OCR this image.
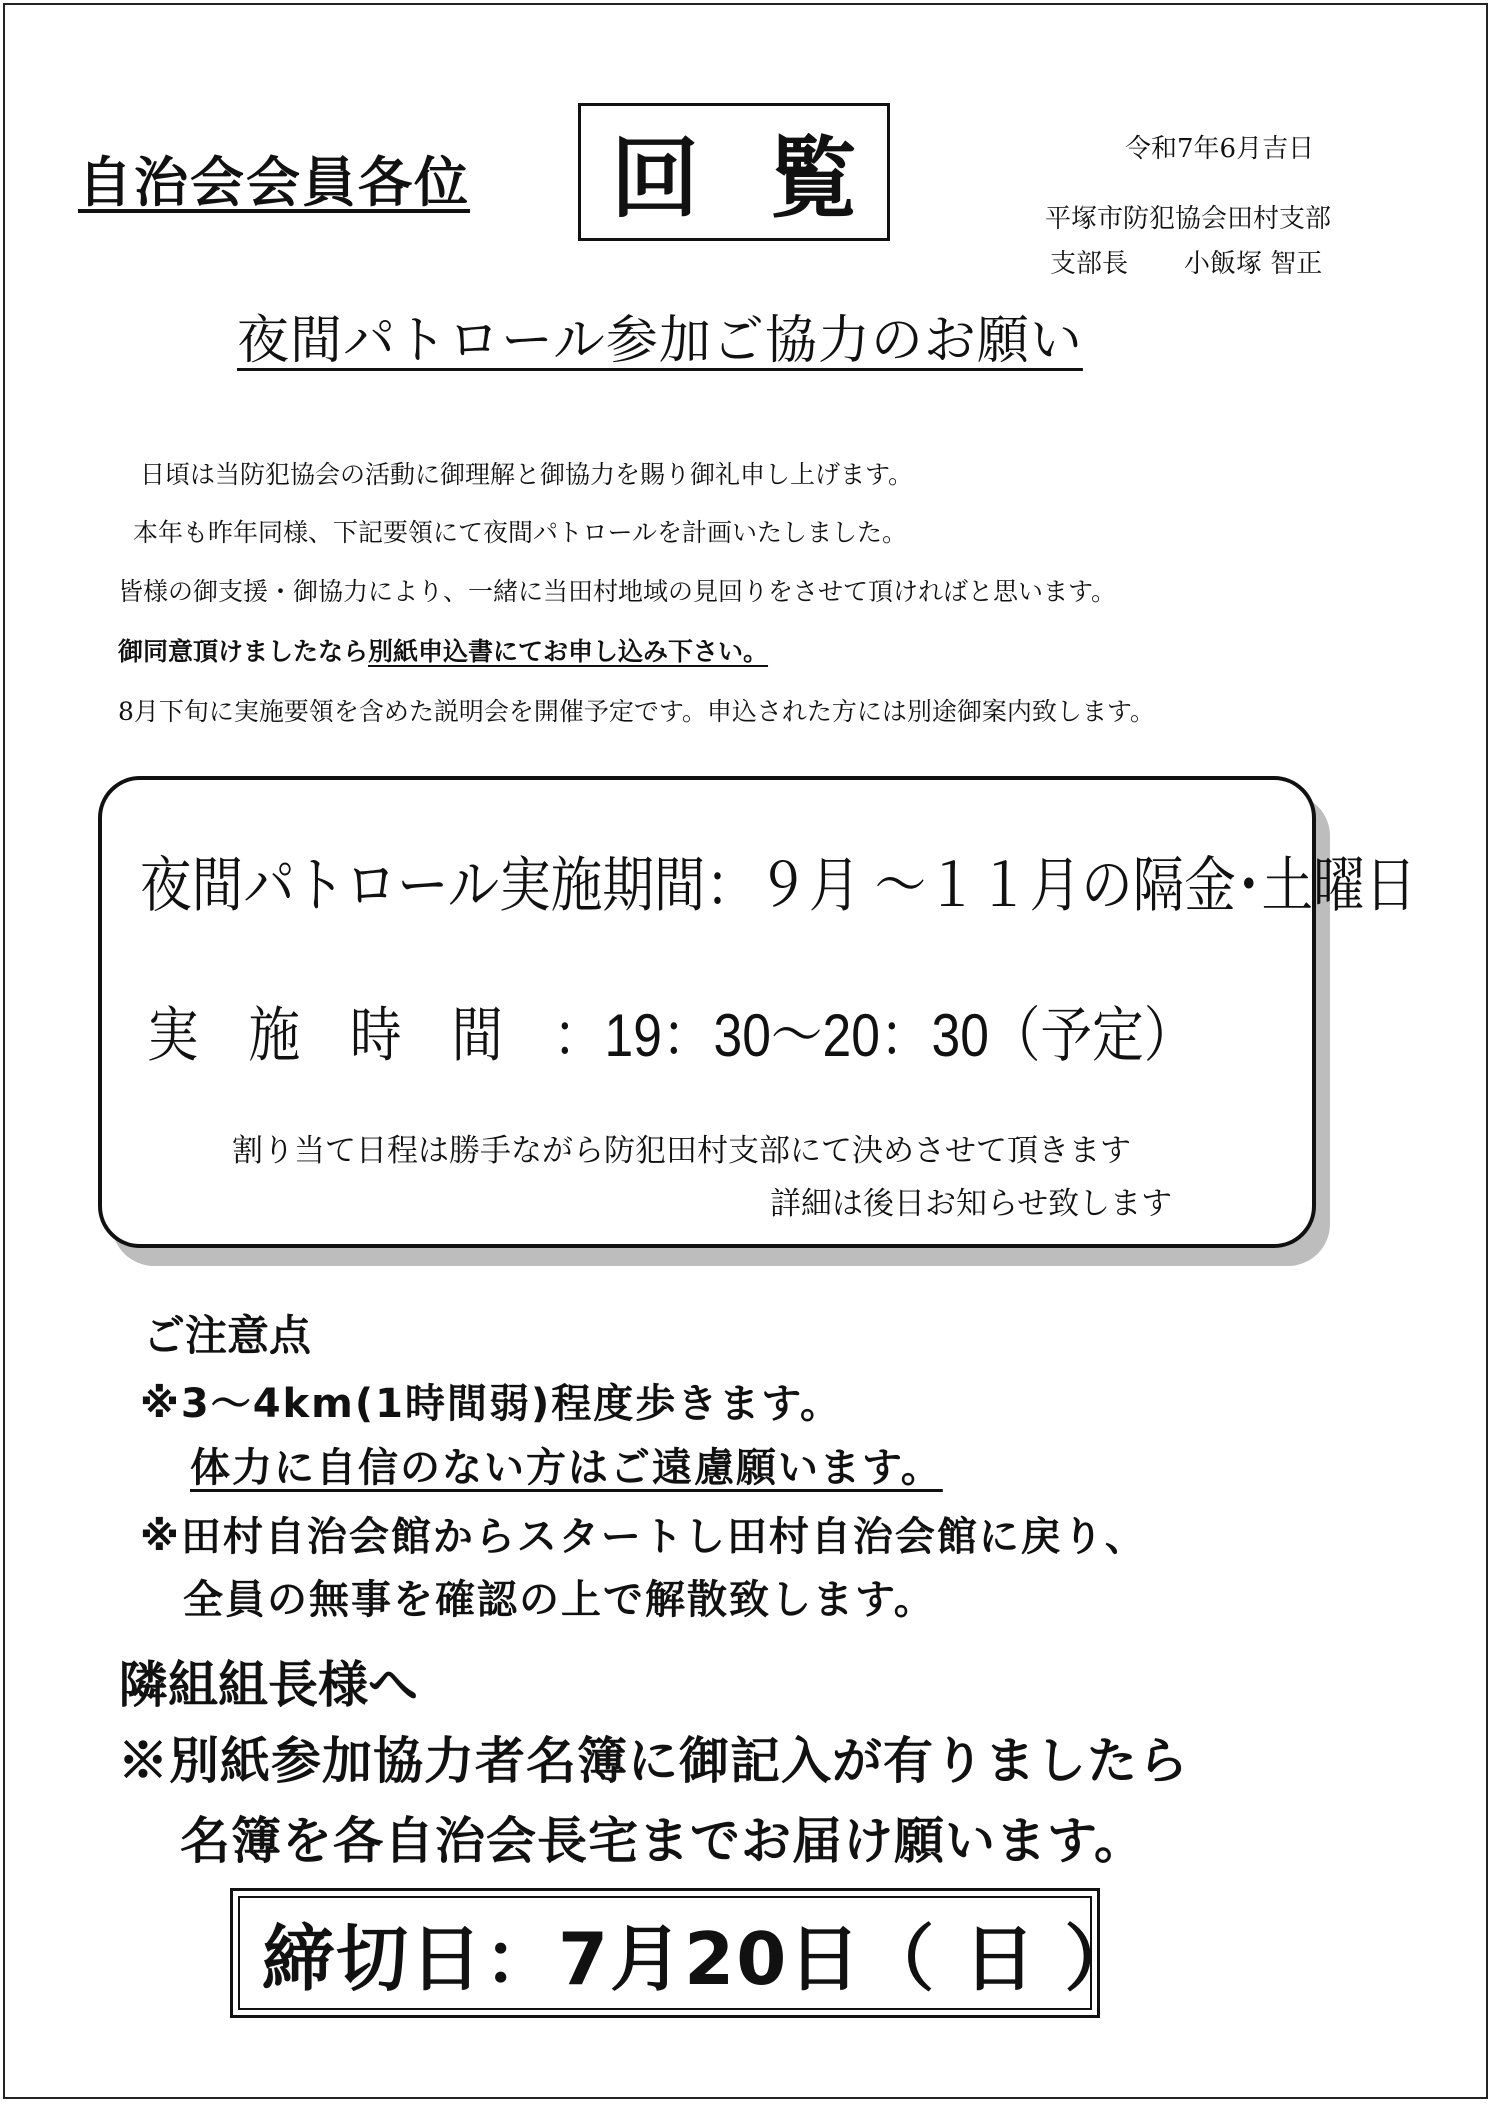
自治会会員各位 回覧	令和7年6月吉日
平塚市防犯協会田村支部
支部長 小飯塚 智正
夜間パトロール参加ご協力のお願い
日頃は当防犯協会の活動に御理解と御協力を賜り御礼申し上げます。
本年も昨年同様、下記要領にて夜間パトロールを計画いたしました。
皆様の御支援・御協力により、一緒に当田村地域の見回りをさせて頂ければと思います。
御同意頂けましたなら別紙申込書にてお申し込み下さい。
8月下旬に実施要領を含めた説明会を開催予定です。申込された方には別途御案内致します。
夜間パトロール実施期間：９月 ～１１月の隔金･土曜日
実施時間：19：30～20：30（予定）
割り当て日程は勝手ながら防犯田村支部にて決めさせて頂きます
詳細は後日お知らせ致します
ご注意点
※3～4km(1時間弱)程度歩きます。
体力に自信のない方はご遠慮願います。
※田村自治会館からスタートし田村自治会館に戻り、
全員の無事を確認の上で解散致します。
隣組組長様へ
※別紙参加協力者名簿に御記入が有りましたら
名簿を各自治会長宅までお届け願います。
締切日：7月20日（ 日 ）
